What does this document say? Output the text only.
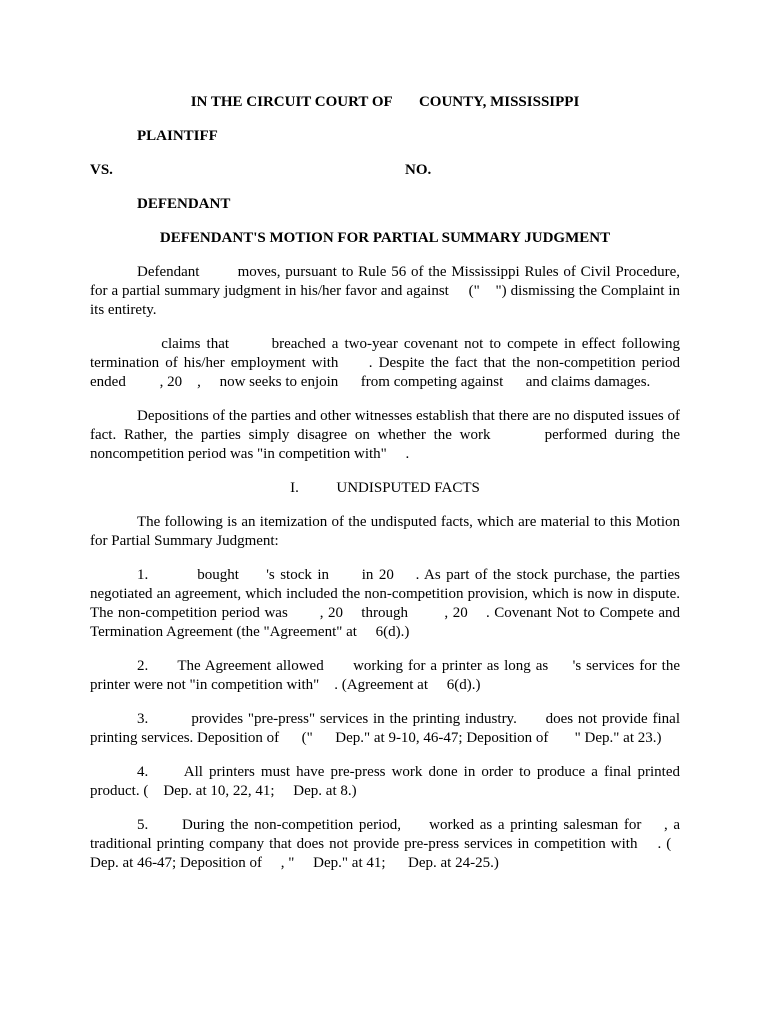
IN THE CIRCUIT COURT OF       COUNTY, MISSISSIPPI

PLAINTIFF

VS.	NO.

DEFENDANT

DEFENDANT'S MOTION FOR PARTIAL SUMMARY JUDGMENT

Defendant        moves, pursuant to Rule 56 of the Mississippi Rules of Civil Procedure, for a partial summary judgment in his/her favor and against     ("    ") dismissing the Complaint in its entirety.

claims that       breached a two-year covenant not to compete in effect following termination of his/her employment with     . Despite the fact that the non-competition period ended         , 20    ,     now seeks to enjoin      from competing against      and claims damages.

Depositions of the parties and other witnesses establish that there are no disputed issues of fact. Rather, the parties simply disagree on whether the work       performed during the noncompetition period was "in competition with"     .

I.          UNDISPUTED FACTS

The following is an itemization of the undisputed facts, which are material to this Motion for Partial Summary Judgment:

1.         bought     's stock in      in 20    . As part of the stock purchase, the parties negotiated an agreement, which included the non-competition provision, which is now in dispute. The non-competition period was       , 20    through        , 20    . Covenant Not to Compete and Termination Agreement (the "Agreement" at     6(d).)

2.      The Agreement allowed      working for a printer as long as     's services for the printer were not "in competition with"    . (Agreement at     6(d).)

3.         provides "pre-press" services in the printing industry.      does not provide final printing services. Deposition of      ("      Dep." at 9-10, 46-47; Deposition of       " Dep." at 23.)

4.      All printers must have pre-press work done in order to produce a final printed product. (    Dep. at 10, 22, 41;     Dep. at 8.)

5.      During the non-competition period,     worked as a printing salesman for    , a traditional printing company that does not provide pre-press services in competition with    . (   Dep. at 46-47; Deposition of     , "     Dep." at 41;      Dep. at 24-25.)
